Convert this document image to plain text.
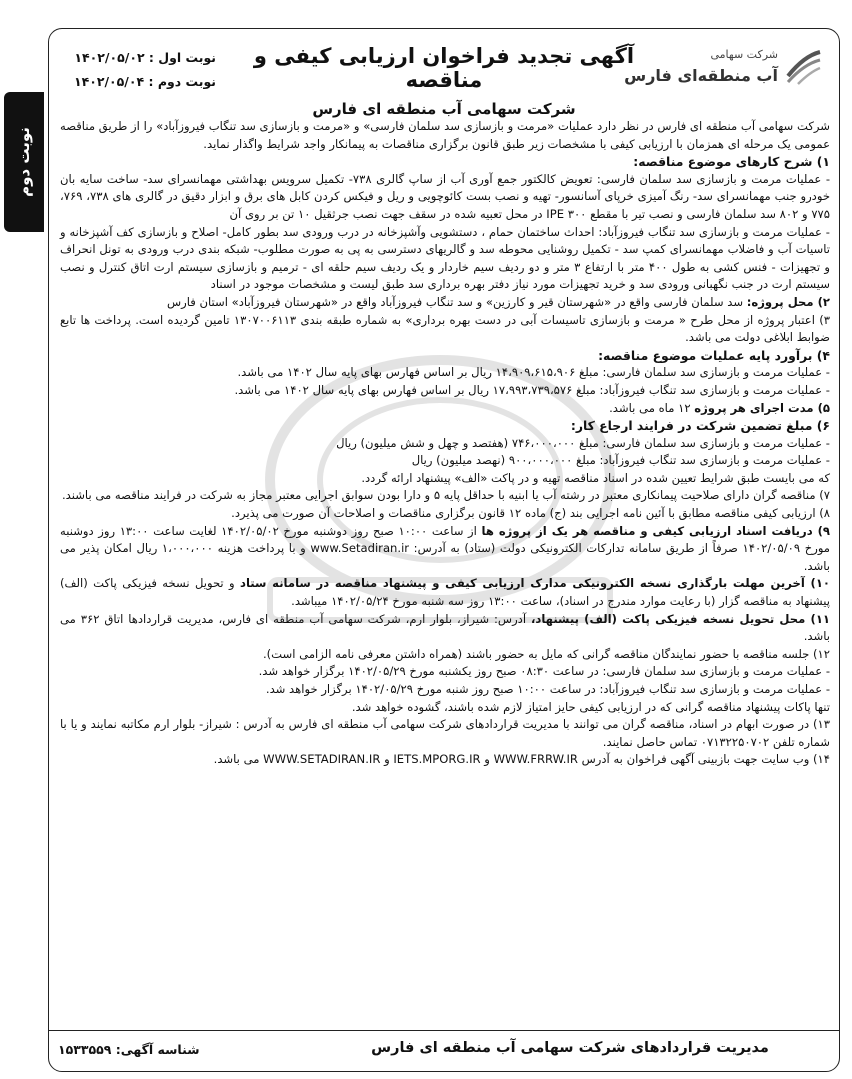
نوبت دوم
شرکت سهامی
آب منطقه‌ای فارس
آگهی تجدید فراخوان ارزیابی کیفی و مناقصه
شرکت سهامی آب منطقه ای فارس
نوبت اول : ۱۴۰۲/۰۵/۰۲
نوبت دوم : ۱۴۰۲/۰۵/۰۴

شرکت سهامی آب منطقه ای فارس در نظر دارد عملیات «مرمت و بازسازی سد سلمان فارسی» و «مرمت و بازسازی سد تنگاب فیروزآباد» را از طریق مناقصه عمومی یک مرحله ای همزمان با ارزیابی کیفی با مشخصات زیر طبق قانون برگزاری مناقصات به پیمانکار واجد شرایط واگذار نماید.

۱) شرح کارهای موضوع مناقصه:

- عملیات مرمت و بازسازی سد سلمان فارسی: تعویض کالکتور جمع آوری آب از ساپ گالری ۷۳۸- تکمیل سرویس بهداشتی مهمانسرای سد- ساخت سایه بان خودرو جنب مهمانسرای سد- رنگ آمیزی خرپای آسانسور- تهیه و نصب بست کائوچویی و ریل و فیکس کردن کابل های برق و ابزار دقیق در گالری های ۷۳۸، ۷۶۹، ۷۷۵ و ۸۰۲ سد سلمان فارسی و نصب تیر با مقطع IPE ۳۰۰ در محل تعبیه شده در سقف جهت نصب جرثقیل ۱۰ تن بر روی آن

- عملیات مرمت و بازسازی سد تنگاب فیروزآباد: احداث ساختمان حمام ، دستشویی وآشپزخانه در درب ورودی سد بطور کامل- اصلاح و بازسازی کف آشپزخانه و تاسیات آب و فاضلاب مهمانسرای کمپ سد - تکمیل روشنایی محوطه سد و گالریهای دسترسی به پی به صورت مطلوب- شبکه بندی درب ورودی به تونل انحراف و تجهیزات - فنس کشی به طول ۴۰۰ متر با ارتفاع ۳ متر و دو ردیف سیم خاردار و یک ردیف سیم حلقه ای - ترمیم و بازسازی سیستم ارت اتاق کنترل و نصب سیستم ارت در جنب نگهبانی ورودی سد و خرید تجهیزات مورد نیاز دفتر بهره برداری سد طبق لیست و مشخصات موجود در اسناد

۲) محل پروژه: سد سلمان فارسی واقع در «شهرستان قیر و کارزین» و سد تنگاب فیروزآباد واقع در «شهرستان فیروزآباد» استان فارس

۳) اعتبار پروژه از محل طرح « مرمت و بازسازی تاسیسات آبی در دست بهره برداری» به شماره طبقه بندی ۱۳۰۷۰۰۶۱۱۳ تامین گردیده است. پرداخت ها تابع ضوابط ابلاغی دولت می باشد.

۴) برآورد پایه عملیات موضوع مناقصه:

- عملیات مرمت و بازسازی سد سلمان فارسی: مبلغ ۱۴،۹۰۹،۶۱۵،۹۰۶ ریال بر اساس فهارس بهای پایه سال ۱۴۰۲ می باشد.

- عملیات مرمت و بازسازی سد تنگاب فیروزآباد: مبلغ ۱۷،۹۹۳،۷۳۹،۵۷۶ ریال بر اساس فهارس بهای پایه سال ۱۴۰۲ می باشد.

۵) مدت اجرای هر پروژه ۱۲ ماه می باشد.

۶) مبلغ تضمین شرکت در فرایند ارجاع کار:

- عملیات مرمت و بازسازی سد سلمان فارسی: مبلغ ۷۴۶،۰۰۰،۰۰۰ (هفتصد و چهل و شش میلیون) ریال

- عملیات مرمت و بازسازی سد تنگاب فیروزآباد: مبلغ ۹۰۰،۰۰۰،۰۰۰ (نهصد میلیون) ریال

که می بایست طبق شرایط تعیین شده در اسناد مناقصه تهیه و در پاکت «الف» پیشنهاد ارائه گردد.

۷) مناقصه گران دارای صلاحیت پیمانکاری معتبر در رشته آب یا ابنیه با حداقل پایه ۵ و دارا بودن سوابق اجرایی معتبر مجاز به شرکت در فرایند مناقصه می باشند.

۸) ارزیابی کیفی مناقصه مطابق با آئین نامه اجرایی بند (ج) ماده ۱۲ قانون برگزاری مناقصات و اصلاحات آن صورت می پذیرد.

۹) دریافت اسناد ارزیابی کیفی و مناقصه هر یک از پروژه ها از ساعت ۱۰:۰۰ صبح روز دوشنبه مورخ ۱۴۰۲/۰۵/۰۲ لغایت ساعت ۱۳:۰۰ روز دوشنبه مورخ ۱۴۰۲/۰۵/۰۹ صرفاً از طریق سامانه تدارکات الکترونیکی دولت (ستاد) به آدرس: www.Setadiran.ir و با پرداخت هزینه ۱،۰۰۰،۰۰۰ ریال امکان پذیر می باشد.

۱۰) آخرین مهلت بارگذاری نسخه الکترونیکی مدارک ارزیابی کیفی و پیشنهاد مناقصه در سامانه ستاد و تحویل نسخه فیزیکی پاکت (الف) پیشنهاد به مناقصه گزار (با رعایت موارد مندرج در اسناد)، ساعت ۱۳:۰۰ روز سه شنبه مورخ ۱۴۰۲/۰۵/۲۴ میباشد.

۱۱) محل تحویل نسخه فیزیکی پاکت (الف) پیشنهاد، آدرس: شیراز، بلوار ارم، شرکت سهامی آب منطقه ای فارس، مدیریت قراردادها اتاق ۳۶۲ می باشد.

۱۲) جلسه مناقصه با حضور نمایندگان مناقصه گرانی که مایل به حضور باشند (همراه داشتن معرفی نامه الزامی است).

- عملیات مرمت و بازسازی سد سلمان فارسی: در ساعت ۰۸:۳۰ صبح روز یکشنبه مورخ ۱۴۰۲/۰۵/۲۹ برگزار خواهد شد.

- عملیات مرمت و بازسازی سد تنگاب فیروزآباد: در ساعت ۱۰:۰۰ صبح روز شنبه مورخ ۱۴۰۲/۰۵/۲۹ برگزار خواهد شد.

تنها پاکات پیشنهاد مناقصه گرانی که در ارزیابی کیفی حایز امتیاز لازم شده باشند، گشوده خواهد شد.

۱۳) در صورت ابهام در اسناد، مناقصه گران می توانند با مدیریت قراردادهای شرکت سهامی آب منطقه ای فارس به آدرس : شیراز- بلوار ارم مکاتبه نمایند و یا با شماره تلفن ۰۷۱۳۲۲۵۰۷۰۲ تماس حاصل نمایند.

۱۴) وب سایت جهت بازبینی آگهی فراخوان به آدرس WWW.FRRW.IR و IETS.MPORG.IR و WWW.SETADIRAN.IR می باشد.

مدیریت قراردادهای شرکت سهامی آب منطقه ای فارس
شناسه آگهی: ۱۵۳۳۵۵۹
